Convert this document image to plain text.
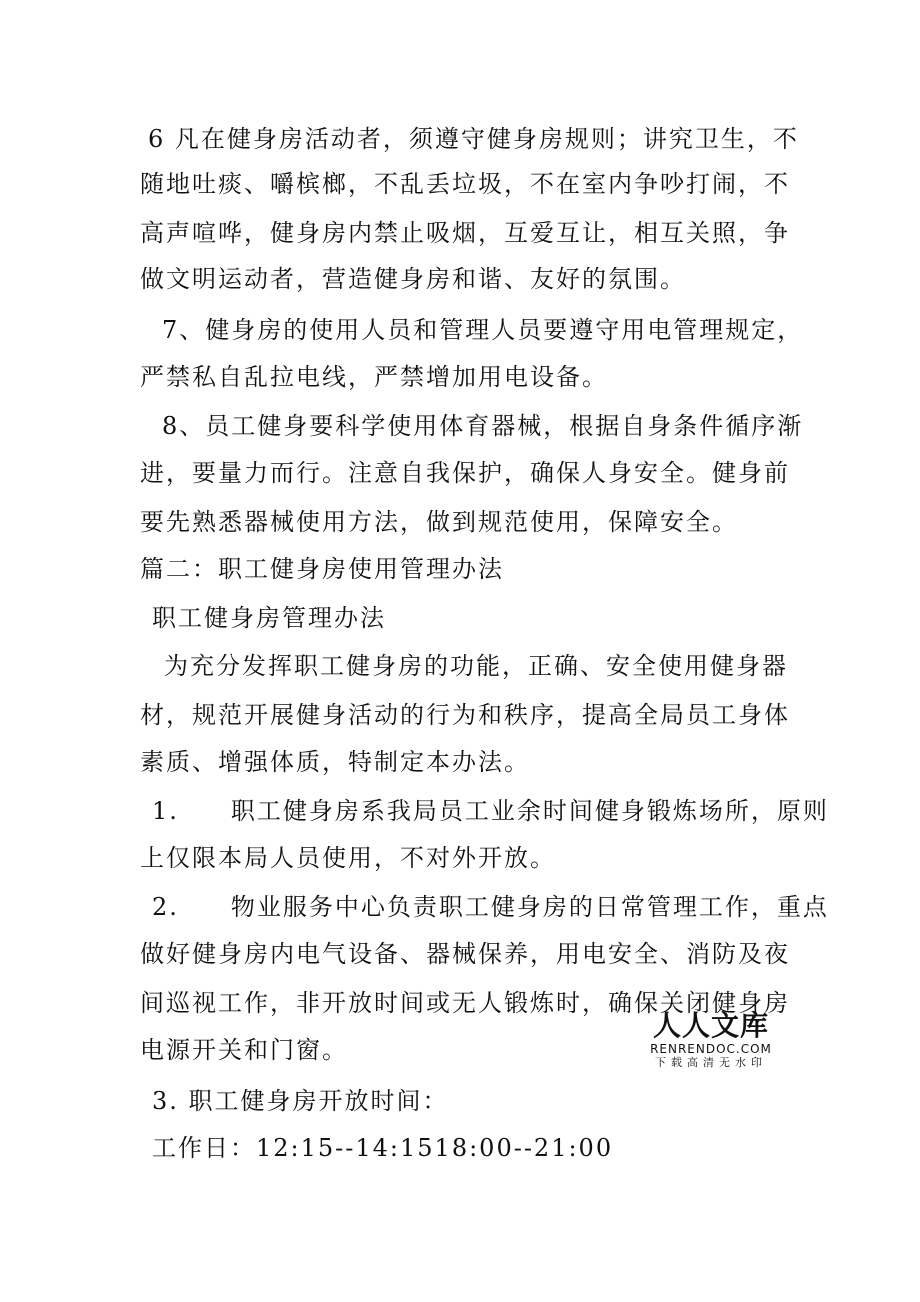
6 凡在健身房活动者，须遵守健身房规则；讲究卫生，不
随地吐痰、嚼槟榔，不乱丢垃圾，不在室内争吵打闹，不
高声喧哗，健身房内禁止吸烟，互爱互让，相互关照，争
做文明运动者，营造健身房和谐、友好的氛围。
7、健身房的使用人员和管理人员要遵守用电管理规定，
严禁私自乱拉电线，严禁增加用电设备。
8、员工健身要科学使用体育器械，根据自身条件循序渐
进，要量力而行。注意自我保护，确保人身安全。健身前
要先熟悉器械使用方法，做到规范使用，保障安全。
篇二：职工健身房使用管理办法
职工健身房管理办法
为充分发挥职工健身房的功能，正确、安全使用健身器
材，规范开展健身活动的行为和秩序，提高全局员工身体
素质、增强体质，特制定本办法。
1.　　职工健身房系我局员工业余时间健身锻炼场所，原则
上仅限本局人员使用，不对外开放。
2.　　物业服务中心负责职工健身房的日常管理工作，重点
做好健身房内电气设备、器械保养，用电安全、消防及夜
间巡视工作，非开放时间或无人锻炼时，确保关闭健身房
电源开关和门窗。
3. 职工健身房开放时间：
工作日：12:15--14:1518:00--21:00
人人文库
RENRENDOC.COM
下载高清无水印
